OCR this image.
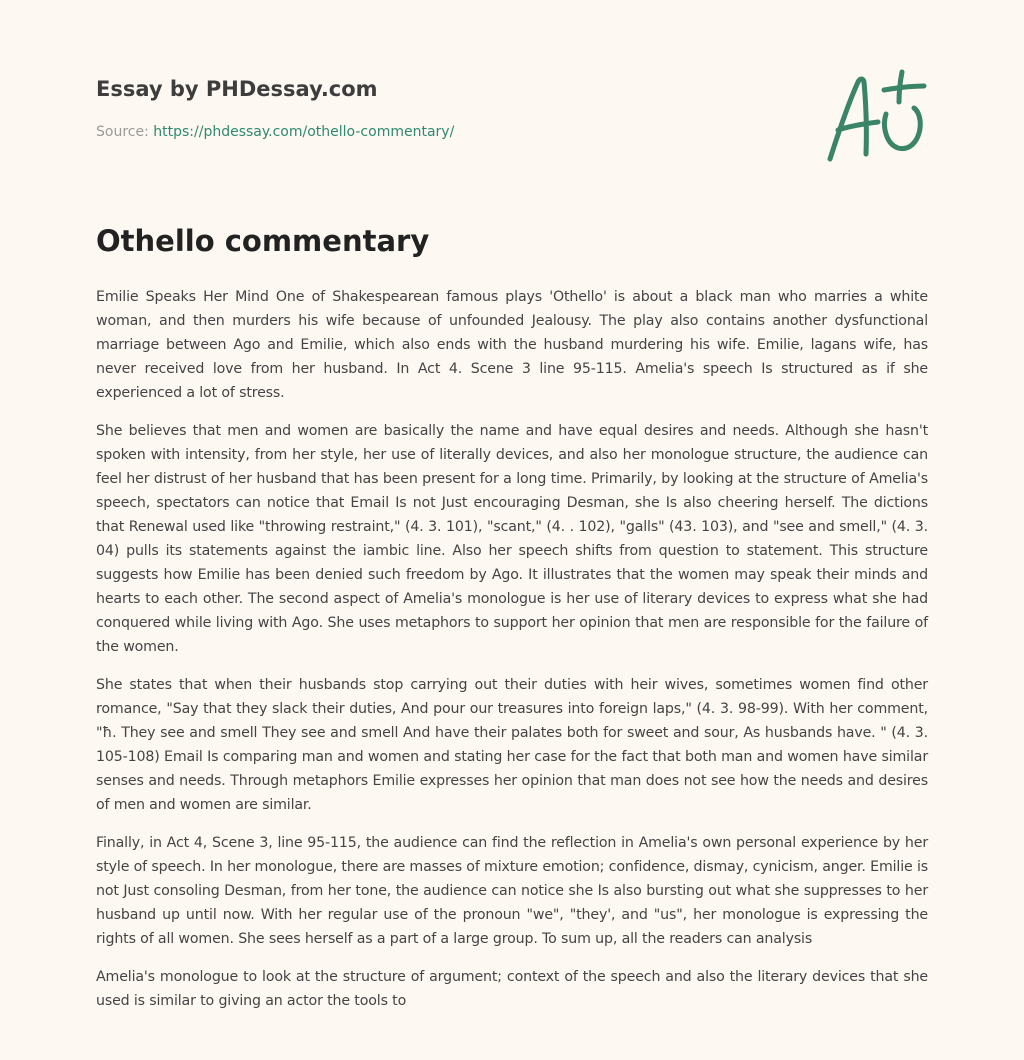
Essay by PHDessay.com
Source: https://phdessay.com/othello-commentary/
Othello commentary

Emilie Speaks Her Mind One of Shakespearean famous plays 'Othello' is about a black man who marries a white woman, and then murders his wife because of unfounded Jealousy. The play also contains another dysfunctional marriage between Ago and Emilie, which also ends with the husband murdering his wife. Emilie, lagans wife, has never received love from her husband. In Act 4. Scene 3 line 95-115. Amelia's speech Is structured as if she experienced a lot of stress.

She believes that men and women are basically the name and have equal desires and needs. Although she hasn't spoken with intensity, from her style, her use of literally devices, and also her monologue structure, the audience can feel her distrust of her husband that has been present for a long time. Primarily, by looking at the structure of Amelia's speech, spectators can notice that Email Is not Just encouraging Desman, she Is also cheering herself. The dictions that Renewal used like "throwing restraint," (4. 3. 101), "scant," (4. . 102), "galls" (43. 103), and "see and smell," (4. 3. 04) pulls its statements against the iambic line. Also her speech shifts from question to statement. This structure suggests how Emilie has been denied such freedom by Ago. It illustrates that the women may speak their minds and hearts to each other. The second aspect of Amelia's monologue is her use of literary devices to express what she had conquered while living with Ago. She uses metaphors to support her opinion that men are responsible for the failure of the women.

She states that when their husbands stop carrying out their duties with heir wives, sometimes women find other romance, "Say that they slack their duties, And pour our treasures into foreign laps," (4. 3. 98-99). With her comment, "ħ. They see and smell They see and smell And have their palates both for sweet and sour, As husbands have. " (4. 3. 105-108) Email Is comparing man and women and stating her case for the fact that both man and women have similar senses and needs. Through metaphors Emilie expresses her opinion that man does not see how the needs and desires of men and women are similar.

Finally, in Act 4, Scene 3, line 95-115, the audience can find the reflection in Amelia's own personal experience by her style of speech. In her monologue, there are masses of mixture emotion; confidence, dismay, cynicism, anger. Emilie is not Just consoling Desman, from her tone, the audience can notice she Is also bursting out what she suppresses to her husband up until now. With her regular use of the pronoun "we", "they', and "us", her monologue is expressing the rights of all women. She sees herself as a part of a large group. To sum up, all the readers can analysis

Amelia's monologue to look at the structure of argument; context of the speech and also the literary devices that she used is similar to giving an actor the tools to
